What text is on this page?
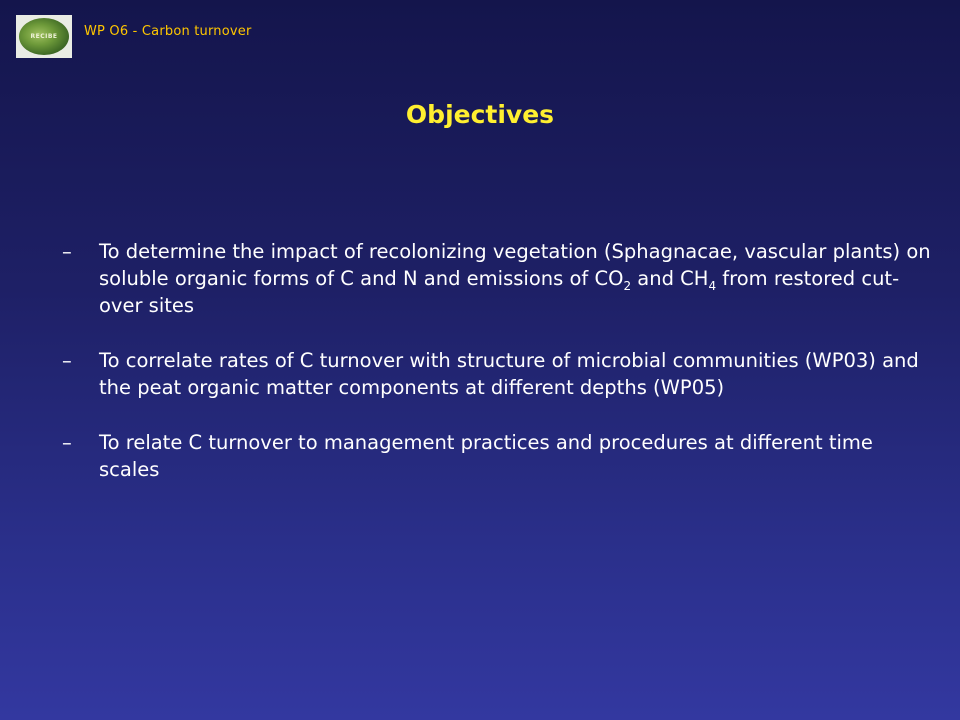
RECIBE WP O6 - Carbon turnover
Objectives
– To determine the impact of recolonizing vegetation (Sphagnacae, vascular plants) on soluble organic forms of C and N and emissions of $CO_2$ and $CH_4$ from restored cut-over sites
– To correlate rates of C turnover with structure of microbial communities (WP03) and the peat organic matter components at different depths (WP05)
– To relate C turnover to management practices and procedures at different time scales
